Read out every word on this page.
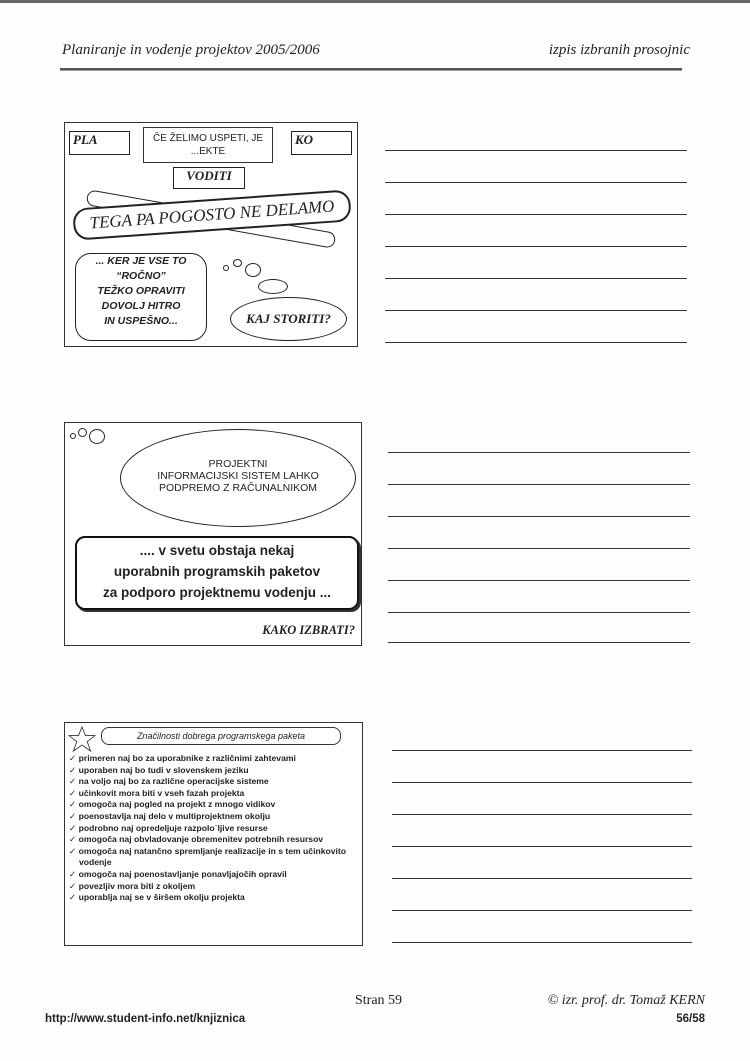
Planiranje in vodenje projektov 2005/2006	izpis izbranih prosojnic
PLA	ČE ŽELIMO USPETI, JE ...EKTE
KO
VODITI
TEGA PA POGOSTO NE DELAMO
... KER JE VSE TO
“ROČNO”
TEŽKO OPRAVITI
DOVOLJ HITRO
IN USPEŠNO...	KAJ STORITI?
PROJEKTNI
INFORMACIJSKI SISTEM LAHKO
PODPREMO Z RAČUNALNIKOM
.... v svetu obstaja nekaj
uporabnih programskih paketov
za podporo projektnemu vodenju ...
KAKO IZBRATI?
Značilnosti dobrega programskega paketa
✓ primeren naj bo za uporabnike z različnimi zahtevami
✓ uporaben naj bo tudi v slovenskem jeziku
✓ na voljo naj bo za različne operacijske sisteme
✓ učinkovit mora biti v vseh fazah projekta
✓ omogoča naj pogled na projekt z mnogo vidikov
✓ poenostavlja naj delo v multiprojektnem okolju
✓ podrobno naj opredeljuje razpolo˙ljive resurse
✓ omogoča naj obvladovanje obremenitev potrebnih resursov
✓ omogoča naj natančno spremljanje realizacije in s tem učinkovito vodenje
✓ omogoča naj poenostavljanje ponavljajočih opravil
✓ povezljiv mora biti z okoljem
✓ uporablja naj se v širšem okolju projekta
Stran 59	© izr. prof. dr. Tomaž KERN
http://www.student-info.net/knjiznica	56/58
